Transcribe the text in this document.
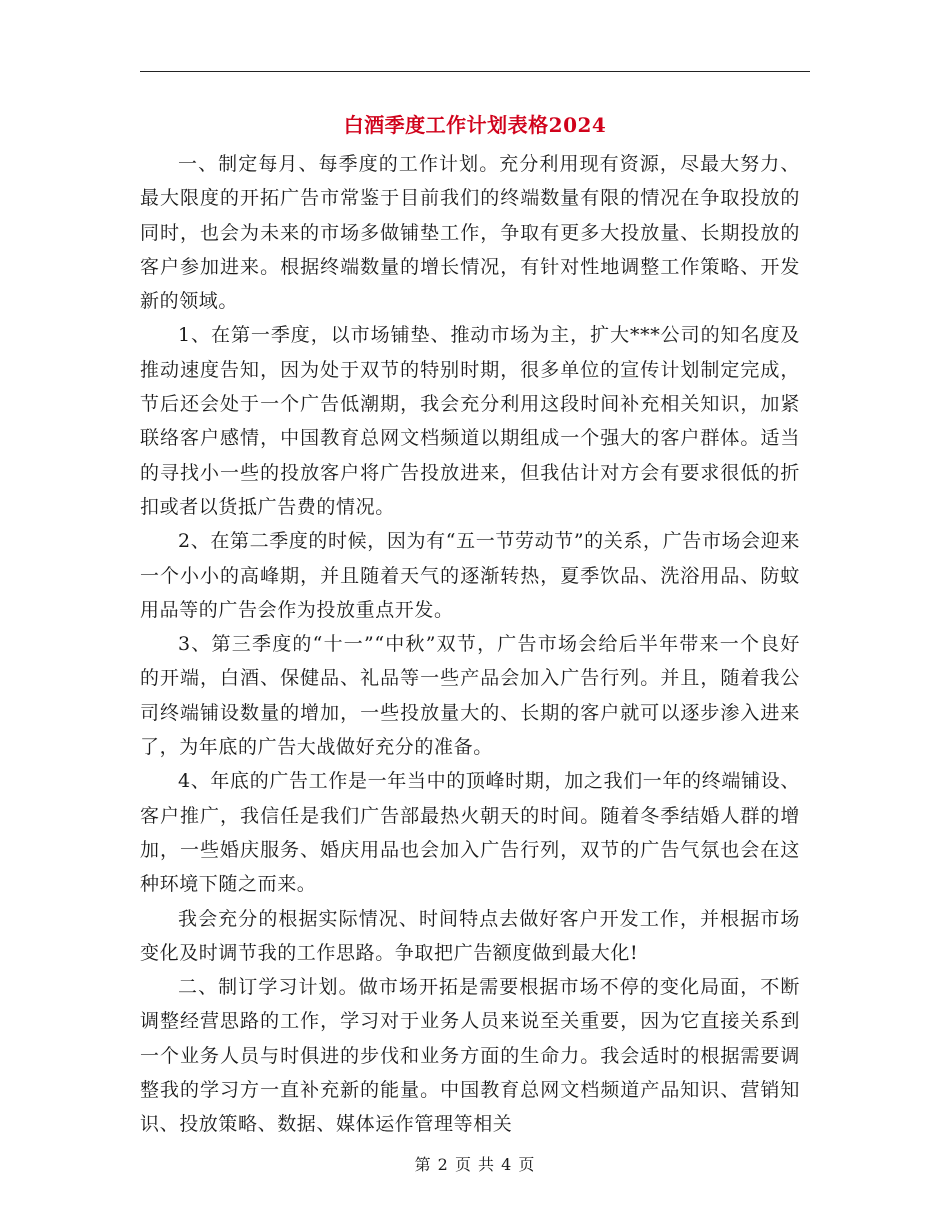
白酒季度工作计划表格2024

一、制定每月、每季度的工作计划。充分利用现有资源，尽最大努力、最大限度的开拓广告市常鉴于目前我们的终端数量有限的情况在争取投放的同时，也会为未来的市场多做铺垫工作，争取有更多大投放量、长期投放的客户参加进来。根据终端数量的增长情况，有针对性地调整工作策略、开发新的领域。

1、在第一季度，以市场铺垫、推动市场为主，扩大***公司的知名度及推动速度告知，因为处于双节的特别时期，很多单位的宣传计划制定完成，节后还会处于一个广告低潮期，我会充分利用这段时间补充相关知识，加紧联络客户感情，中国教育总网文档频道以期组成一个强大的客户群体。适当的寻找小一些的投放客户将广告投放进来，但我估计对方会有要求很低的折扣或者以货抵广告费的情况。

2、在第二季度的时候，因为有“五一节劳动节”的关系，广告市场会迎来一个小小的高峰期，并且随着天气的逐渐转热，夏季饮品、洗浴用品、防蚊用品等的广告会作为投放重点开发。

3、第三季度的“十一”“中秋”双节，广告市场会给后半年带来一个良好的开端，白酒、保健品、礼品等一些产品会加入广告行列。并且，随着我公司终端铺设数量的增加，一些投放量大的、长期的客户就可以逐步渗入进来了，为年底的广告大战做好充分的准备。

4、年底的广告工作是一年当中的顶峰时期，加之我们一年的终端铺设、客户推广，我信任是我们广告部最热火朝天的时间。随着冬季结婚人群的增加，一些婚庆服务、婚庆用品也会加入广告行列，双节的广告气氛也会在这种环境下随之而来。

我会充分的根据实际情况、时间特点去做好客户开发工作，并根据市场变化及时调节我的工作思路。争取把广告额度做到最大化!

二、制订学习计划。做市场开拓是需要根据市场不停的变化局面，不断调整经营思路的工作，学习对于业务人员来说至关重要，因为它直接关系到一个业务人员与时俱进的步伐和业务方面的生命力。我会适时的根据需要调整我的学习方一直补充新的能量。中国教育总网文档频道产品知识、营销知识、投放策略、数据、媒体运作管理等相关

第 2 页 共 4 页
